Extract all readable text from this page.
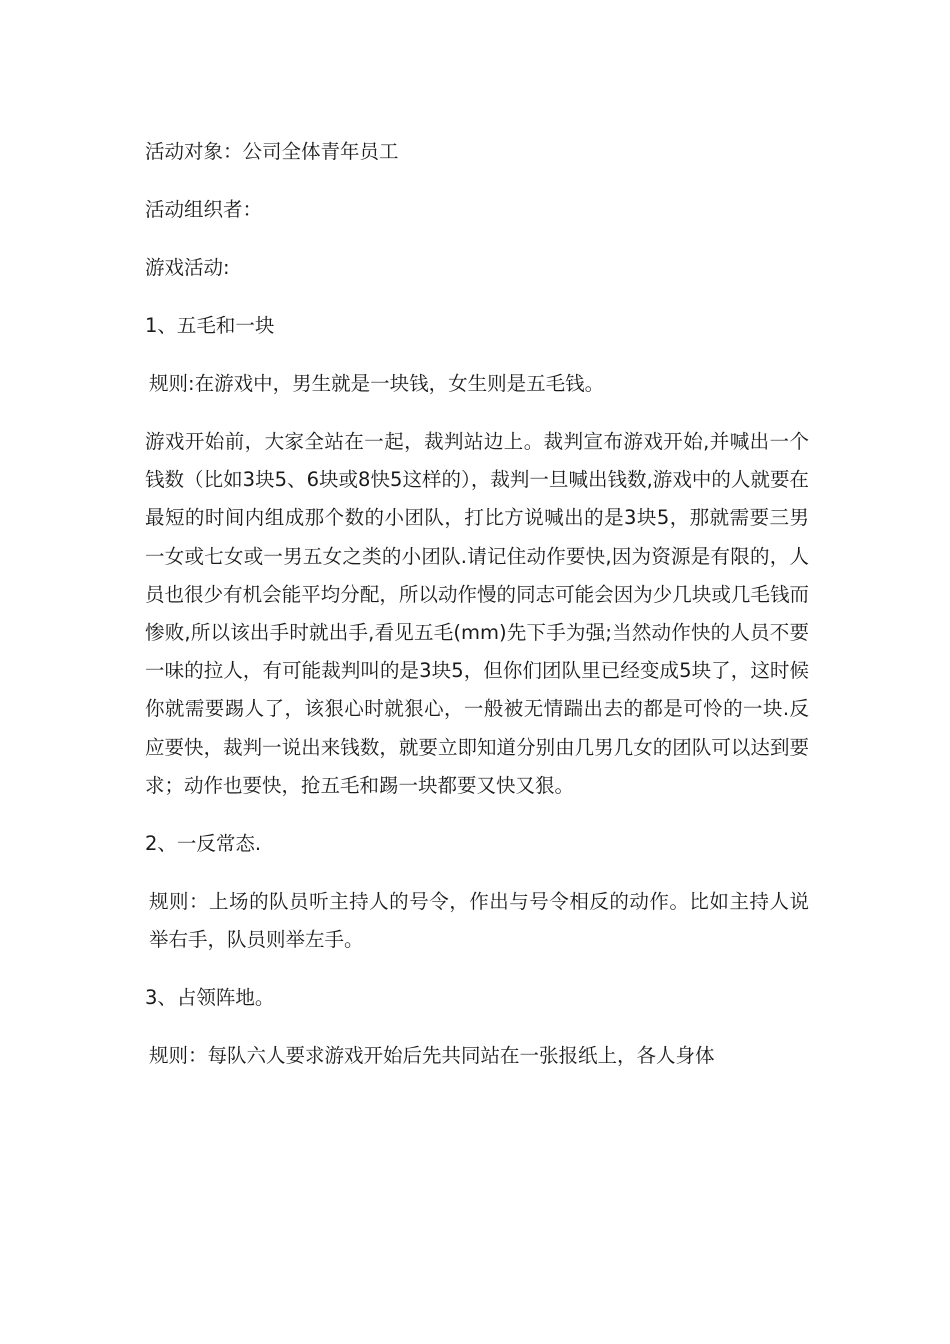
活动对象：公司全体青年员工

活动组织者：

游戏活动:

1、五毛和一块

规则:在游戏中，男生就是一块钱，女生则是五毛钱。

游戏开始前，大家全站在一起，裁判站边上。裁判宣布游戏开始,并喊出一个钱数（比如3块5、6块或8快5这样的），裁判一旦喊出钱数,游戏中的人就要在最短的时间内组成那个数的小团队，打比方说喊出的是3块5，那就需要三男一女或七女或一男五女之类的小团队.请记住动作要快,因为资源是有限的，人员也很少有机会能平均分配，所以动作慢的同志可能会因为少几块或几毛钱而惨败,所以该出手时就出手,看见五毛(mm)先下手为强;当然动作快的人员不要一味的拉人，有可能裁判叫的是3块5，但你们团队里已经变成5块了，这时候你就需要踢人了，该狠心时就狠心，一般被无情踹出去的都是可怜的一块.反应要快，裁判一说出来钱数，就要立即知道分别由几男几女的团队可以达到要求；动作也要快，抢五毛和踢一块都要又快又狠。

2、一反常态.

规则：上场的队员听主持人的号令，作出与号令相反的动作。比如主持人说举右手，队员则举左手。

3、占领阵地。

规则：每队六人要求游戏开始后先共同站在一张报纸上，各人身体
